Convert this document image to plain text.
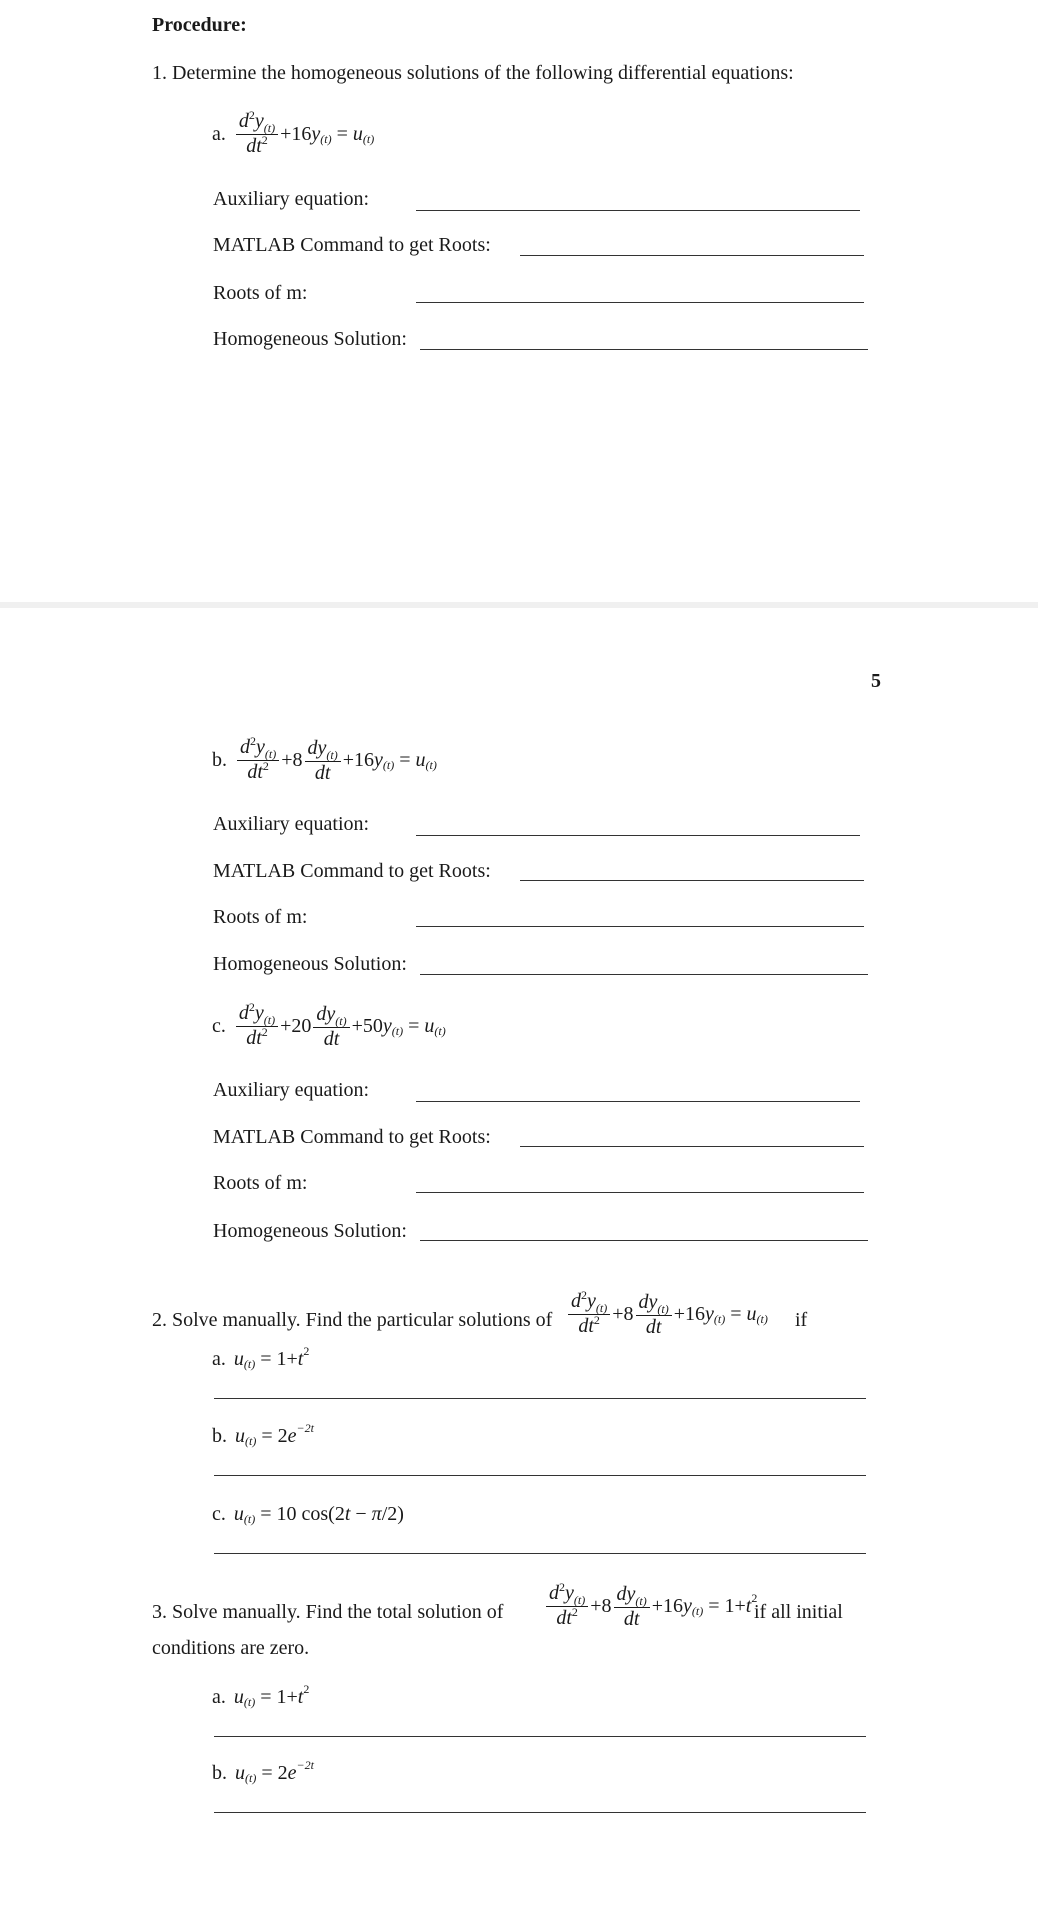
Procedure:
1. Determine the homogeneous solutions of the following differential equations:
a. $\frac{d^2y_{(t)}}{dt^2} +16$ y (t) = u (t)
Auxiliary equation:
MATLAB Command to get Roots:
Roots of m:
Homogeneous Solution:
5
b. $\frac{d^2y_{(t)}}{dt^2} +8 \frac{dy_{(t)}}{dt} +16$ y (t) = u (t)
Auxiliary equation:
MATLAB Command to get Roots:
Roots of m:
Homogeneous Solution:
c. $\frac{d^2y_{(t)}}{dt^2} +20 \frac{dy_{(t)}}{dt} +50$ y (t) = u (t)
Auxiliary equation:
MATLAB Command to get Roots:
Roots of m:
Homogeneous Solution:
2. Solve manually. Find the particular solutions of $\frac{d^2y_{(t)}}{dt^2} +8 \frac{dy_{(t)}}{dt} +16$ y (t) = u (t) if
a. u (t) = 1+ t 2
b. u (t) = 2 e −2t
c. u (t) = 10 cos(2 t − π /2)
3. Solve manually. Find the total solution of $\frac{d^2y_{(t)}}{dt^2} +8 \frac{dy_{(t)}}{dt} +16$ y (t) = 1+ t 2
if all initial
conditions are zero.
a. u (t) = 1+ t 2
b. u (t) = 2 e −2t
